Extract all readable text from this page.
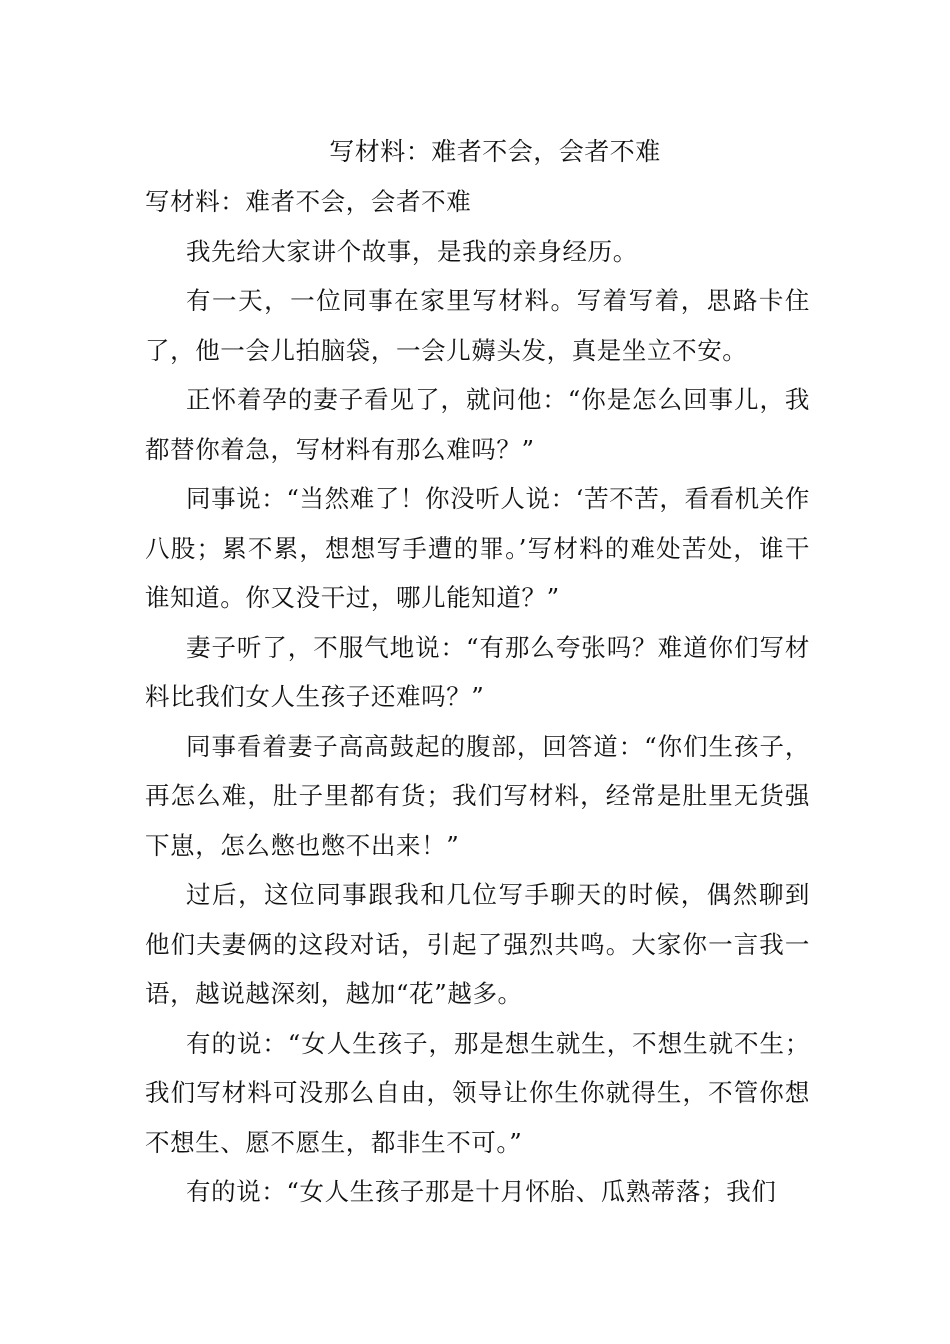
写材料：难者不会，会者不难

写材料：难者不会，会者不难

我先给大家讲个故事，是我的亲身经历。

有一天，一位同事在家里写材料。写着写着，思路卡住了，他一会儿拍脑袋，一会儿薅头发，真是坐立不安。

正怀着孕的妻子看见了，就问他：“你是怎么回事儿，我都替你着急，写材料有那么难吗？”

同事说：“当然难了！你没听人说：‘苦不苦，看看机关作八股；累不累，想想写手遭的罪。’写材料的难处苦处，谁干谁知道。你又没干过，哪儿能知道？”

妻子听了，不服气地说：“有那么夸张吗？难道你们写材料比我们女人生孩子还难吗？”

同事看着妻子高高鼓起的腹部，回答道：“你们生孩子，再怎么难，肚子里都有货；我们写材料，经常是肚里无货强下崽，怎么憋也憋不出来！”

过后，这位同事跟我和几位写手聊天的时候，偶然聊到他们夫妻俩的这段对话，引起了强烈共鸣。大家你一言我一语，越说越深刻，越加“花”越多。

有的说：“女人生孩子，那是想生就生，不想生就不生；我们写材料可没那么自由，领导让你生你就得生，不管你想不想生、愿不愿生，都非生不可。”

有的说：“女人生孩子那是十月怀胎、瓜熟蒂落；我们
